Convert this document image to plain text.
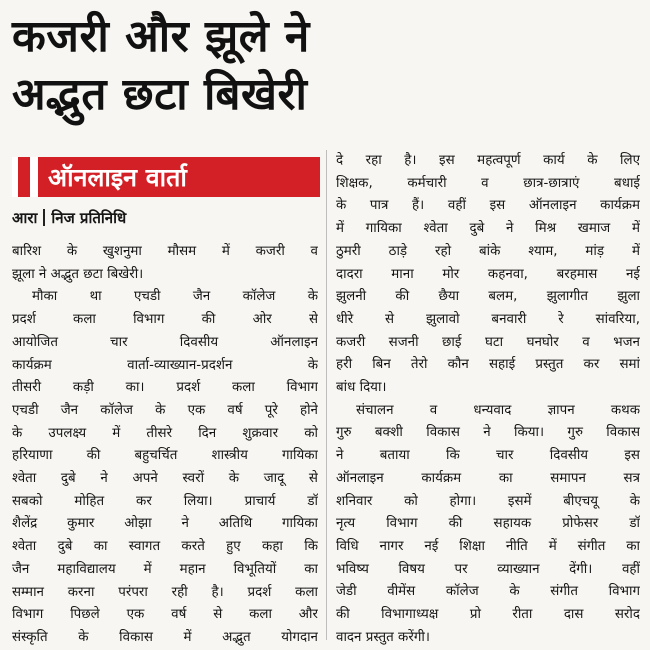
कजरी और झूले ने
अद्भुत छटा बिखेरी
ऑनलाइन वार्ता
आरा निज प्रतिनिधि
बारिश के खुशनुमा मौसम में कजरी व
झूला ने अद्भुत छटा बिखेरी।
मौका था एचडी जैन कॉलेज के
प्रदर्श कला विभाग की ओर से
आयोजित चार दिवसीय ऑनलाइन
कार्यक्रम वार्ता-व्याख्यान-प्रदर्शन के
तीसरी कड़ी का। प्रदर्श कला विभाग
एचडी जैन कॉलेज के एक वर्ष पूरे होने
के उपलक्ष्य में तीसरे दिन शुक्रवार को
हरियाणा की बहुचर्चित शास्त्रीय गायिका
श्वेता दुबे ने अपने स्वरों के जादू से
सबको मोहित कर लिया। प्राचार्य डॉ
शैलेंद्र कुमार ओझा ने अतिथि गायिका
श्वेता दुबे का स्वागत करते हुए कहा कि
जैन महाविद्यालय में महान विभूतियों का
सम्मान करना परंपरा रही है। प्रदर्श कला
विभाग पिछले एक वर्ष से कला और
संस्कृति के विकास में अद्भुत योगदान
दे रहा है। इस महत्वपूर्ण कार्य के लिए
शिक्षक, कर्मचारी व छात्र-छात्राएं बधाई
के पात्र हैं। वहीं इस ऑनलाइन कार्यक्रम
में गायिका श्वेता दुबे ने मिश्र खमाज में
ठुमरी ठाड़े रहो बांके श्याम, मांड़ में
दादरा माना मोर कहनवा, बरहमास नई
झुलनी की छैया बलम, झुलागीत झुला
धीरे से झुलावो बनवारी रे सांवरिया,
कजरी सजनी छाई घटा घनघोर व भजन
हरी बिन तेरो कौन सहाई प्रस्तुत कर समां
बांध दिया।
संचालन व धन्यवाद ज्ञापन कथक
गुरु बक्शी विकास ने किया। गुरु विकास
ने बताया कि चार दिवसीय इस
ऑनलाइन कार्यक्रम का समापन सत्र
शनिवार को होगा। इसमें बीएचयू के
नृत्य विभाग की सहायक प्रोफेसर डॉ
विधि नागर नई शिक्षा नीति में संगीत का
भविष्य विषय पर व्याख्यान देंगी। वहीं
जेडी वीमेंस कॉलेज के संगीत विभाग
की विभागाध्यक्ष प्रो रीता दास सरोद
वादन प्रस्तुत करेंगी।
